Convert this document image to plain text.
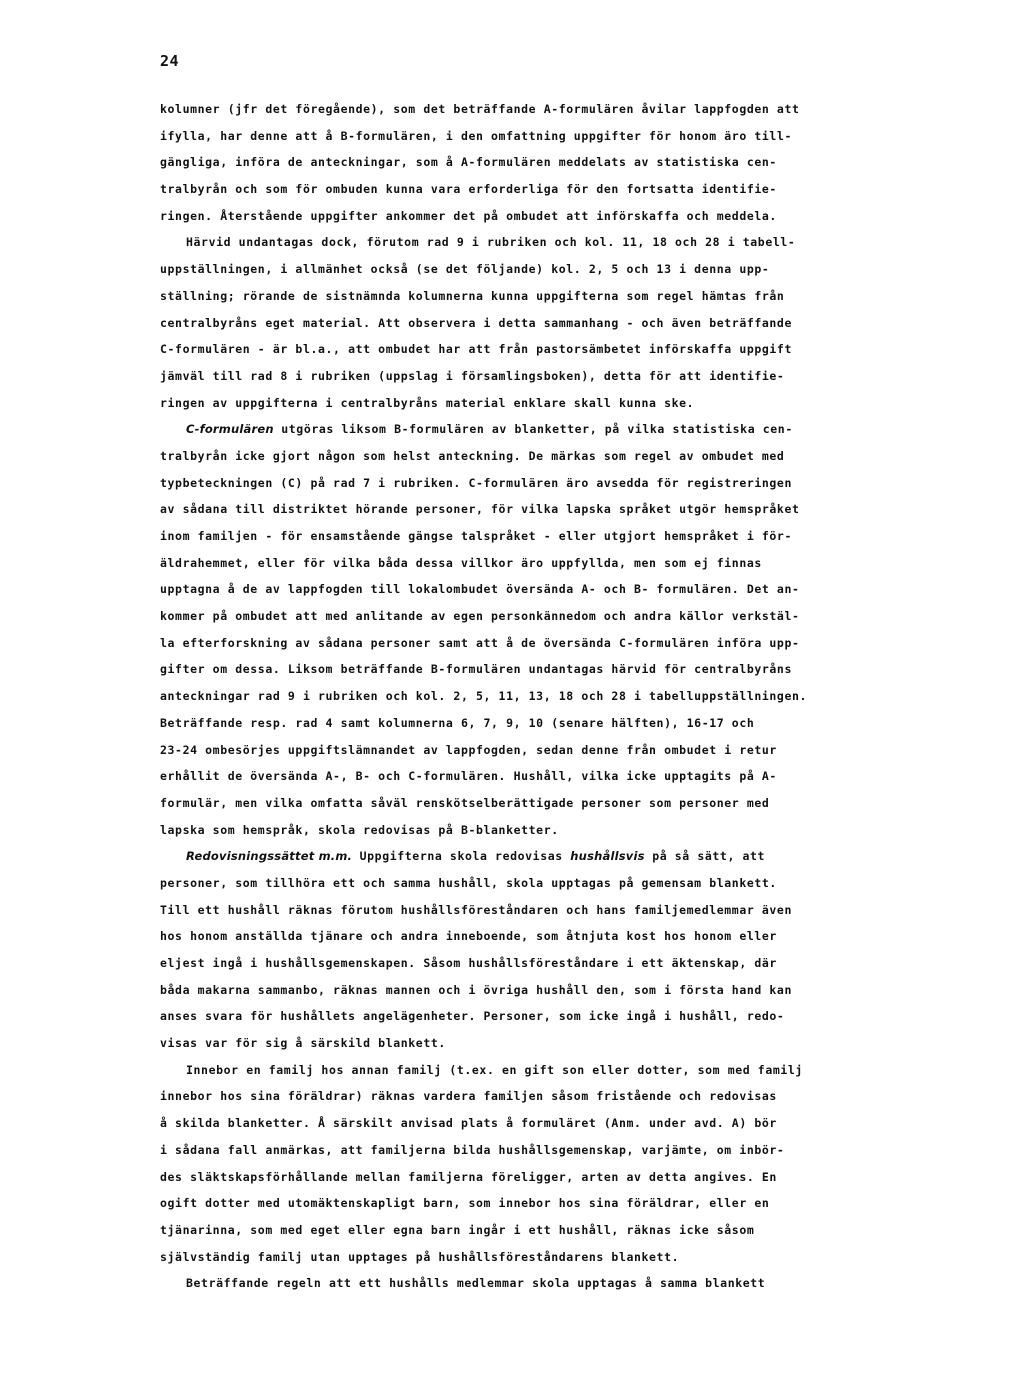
24
kolumner (jfr det föregående), som det beträffande A-formulären åvilar lappfogden att
ifylla, har denne att å B-formulären, i den omfattning uppgifter för honom äro till-
gängliga, införa de anteckningar, som å A-formulären meddelats av statistiska cen-
tralbyrån och som för ombuden kunna vara erforderliga för den fortsatta identifie-
ringen. Återstående uppgifter ankommer det på ombudet att införskaffa och meddela.
Härvid undantagas dock, förutom rad 9 i rubriken och kol. 11, 18 och 28 i tabell-
uppställningen, i allmänhet också (se det följande) kol. 2, 5 och 13 i denna upp-
ställning; rörande de sistnämnda kolumnerna kunna uppgifterna som regel hämtas från
centralbyråns eget material. Att observera i detta sammanhang - och även beträffande
C-formulären - är bl.a., att ombudet har att från pastorsämbetet införskaffa uppgift
jämväl till rad 8 i rubriken (uppslag i församlingsboken), detta för att identifie-
ringen av uppgifterna i centralbyråns material enklare skall kunna ske.
C-formulären utgöras liksom B-formulären av blanketter, på vilka statistiska cen-
tralbyrån icke gjort någon som helst anteckning. De märkas som regel av ombudet med
typbeteckningen (C) på rad 7 i rubriken. C-formulären äro avsedda för registreringen
av sådana till distriktet hörande personer, för vilka lapska språket utgör hemspråket
inom familjen - för ensamstående gängse talspråket - eller utgjort hemspråket i för-
äldrahemmet, eller för vilka båda dessa villkor äro uppfyllda, men som ej finnas
upptagna å de av lappfogden till lokalombudet översända A- och B- formulären. Det an-
kommer på ombudet att med anlitande av egen personkännedom och andra källor verkstäl-
la efterforskning av sådana personer samt att å de översända C-formulären införa upp-
gifter om dessa. Liksom beträffande B-formulären undantagas härvid för centralbyråns
anteckningar rad 9 i rubriken och kol. 2, 5, 11, 13, 18 och 28 i tabelluppställningen.
Beträffande resp. rad 4 samt kolumnerna 6, 7, 9, 10 (senare hälften), 16-17 och
23-24 ombesörjes uppgiftslämnandet av lappfogden, sedan denne från ombudet i retur
erhållit de översända A-, B- och C-formulären. Hushåll, vilka icke upptagits på A-
formulär, men vilka omfatta såväl renskötselberättigade personer som personer med
lapska som hemspråk, skola redovisas på B-blanketter.
Redovisningssättet m.m. Uppgifterna skola redovisas hushållsvis på så sätt, att
personer, som tillhöra ett och samma hushåll, skola upptagas på gemensam blankett.
Till ett hushåll räknas förutom hushållsföreståndaren och hans familjemedlemmar även
hos honom anställda tjänare och andra inneboende, som åtnjuta kost hos honom eller
eljest ingå i hushållsgemenskapen. Såsom hushållsföreståndare i ett äktenskap, där
båda makarna sammanbo, räknas mannen och i övriga hushåll den, som i första hand kan
anses svara för hushållets angelägenheter. Personer, som icke ingå i hushåll, redo-
visas var för sig å särskild blankett.
Innebor en familj hos annan familj (t.ex. en gift son eller dotter, som med familj
innebor hos sina föräldrar) räknas vardera familjen såsom fristående och redovisas
å skilda blanketter. Å särskilt anvisad plats å formuläret (Anm. under avd. A) bör
i sådana fall anmärkas, att familjerna bilda hushållsgemenskap, varjämte, om inbör-
des släktskapsförhållande mellan familjerna föreligger, arten av detta angives. En
ogift dotter med utomäktenskapligt barn, som innebor hos sina föräldrar, eller en
tjänarinna, som med eget eller egna barn ingår i ett hushåll, räknas icke såsom
självständig familj utan upptages på hushållsföreståndarens blankett.
Beträffande regeln att ett hushålls medlemmar skola upptagas å samma blankett
